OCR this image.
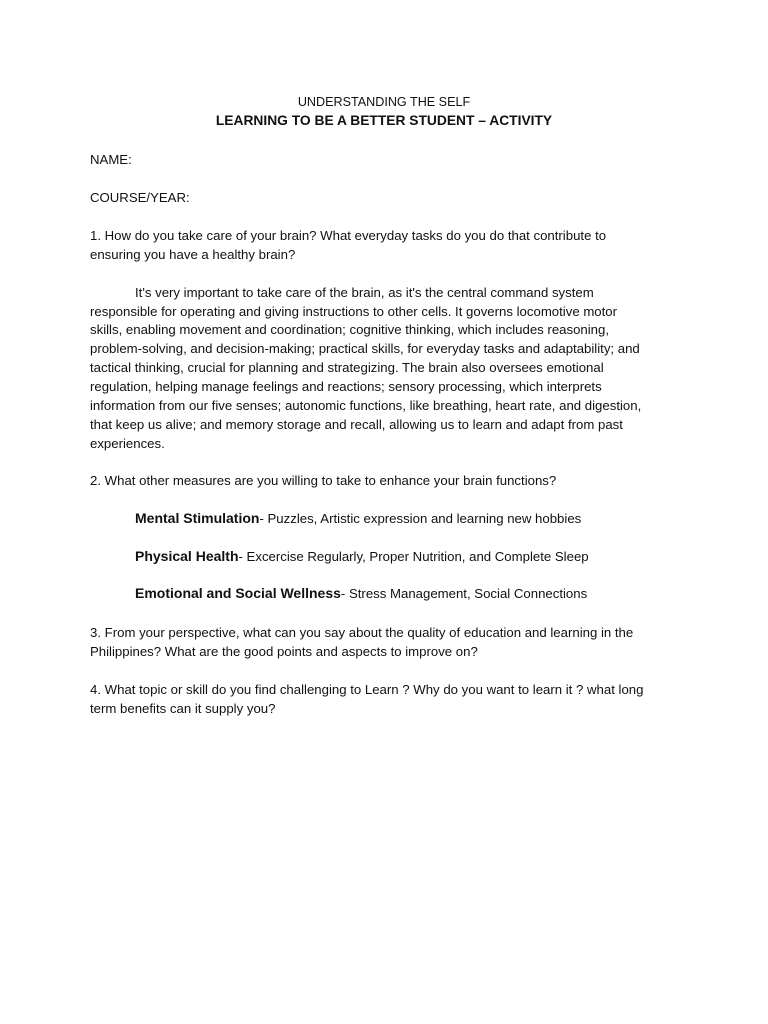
UNDERSTANDING THE SELF
LEARNING TO BE A BETTER STUDENT – ACTIVITY
NAME:
COURSE/YEAR:
1. How do you take care of your brain? What everyday tasks do you do that contribute to
ensuring you have a healthy brain?
It's very important to take care of the brain, as it's the central command system
responsible for operating and giving instructions to other cells. It governs locomotive motor
skills, enabling movement and coordination; cognitive thinking, which includes reasoning,
problem-solving, and decision-making; practical skills, for everyday tasks and adaptability; and
tactical thinking, crucial for planning and strategizing. The brain also oversees emotional
regulation, helping manage feelings and reactions; sensory processing, which interprets
information from our five senses; autonomic functions, like breathing, heart rate, and digestion,
that keep us alive; and memory storage and recall, allowing us to learn and adapt from past
experiences.
2. What other measures are you willing to take to enhance your brain functions?
Mental Stimulation- Puzzles, Artistic expression and learning new hobbies
Physical Health- Excercise Regularly, Proper Nutrition, and Complete Sleep
Emotional and Social Wellness- Stress Management, Social Connections
3. From your perspective, what can you say about the quality of education and learning in the
Philippines? What are the good points and aspects to improve on?
4. What topic or skill do you find challenging to Learn ? Why do you want to learn it ? what long
term benefits can it supply you?
